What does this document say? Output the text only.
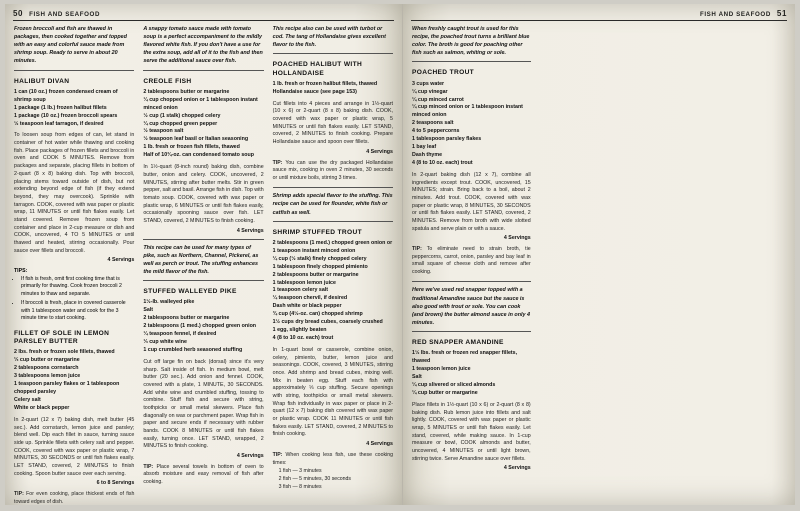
50 FISH AND SEAFOOD
Frozen broccoli and fish are thawed in packages, then cooked together and topped with an easy and colorful sauce made from shrimp soup. Ready to serve in about 20 minutes.
HALIBUT DIVAN
1 can (10 oz.) frozen condensed cream of shrimp soup
1 package (1 lb.) frozen halibut fillets
1 package (10 oz.) frozen broccoli spears
½ teaspoon leaf tarragon, if desired

To loosen soup from edges of can, let stand in container of hot water while thawing and cooking fish. Place packages of frozen fillets and broccoli in oven and COOK 5 MINUTES. Remove from packages and separate, placing fillets in bottom of 2-quart (8 x 8) baking dish. Top with broccoli, placing stems toward outside of dish, but not extending beyond edge of fish (if they extend beyond, they may overcook). Sprinkle with tarragon. COOK, covered with wax paper or plastic wrap, 11 MINUTES or until fish flakes easily. Let stand covered. Remove frozen soup from container and place in 2-cup measure or dish and COOK, uncovered, 4 TO 5 MINUTES or until thawed and heated, stirring occasionally. Pour sauce over fillets and broccoli.

4 Servings
TIPS:
• If fish is fresh, omit first cooking time that is primarily for thawing. Cook frozen broccoli 2 minutes to thaw and separate.
• If broccoli is fresh, place in covered casserole with 1 tablespoon water and cook for the 3 minute time to start cooking.
FILLET OF SOLE IN LEMON PARSLEY BUTTER
2 lbs. fresh or frozen sole fillets, thawed
⅓ cup butter or margarine
2 tablespoons cornstarch
3 tablespoons lemon juice
1 teaspoon parsley flakes or 1 tablespoon chopped parsley
Celery salt
White or black pepper

In 2-quart (12 x 7) baking dish, melt butter (45 sec.). Add cornstarch, lemon juice and parsley; blend well. Dip each fillet in sauce, turning sauce side up. Sprinkle fillets with celery salt and pepper. COOK, covered with wax paper or plastic wrap, 7 MINUTES, 30 SECONDS or until fish flakes easily. LET STAND, covered, 2 MINUTES to finish cooking. Spoon butter sauce over each serving.

6 to 8 Servings
TIP: For even cooking, place thickest ends of fish toward edges of dish.
A snappy tomato sauce made with tomato soup is a perfect accompaniment to the mildly flavored white fish. If you don't have a use for the extra soup, add all of it to the fish and then serve the additional sauce over fish.
CREOLE FISH
2 tablespoons butter or margarine
¼ cup chopped onion or 1 tablespoon instant minced onion
½ cup (1 stalk) chopped celery
¼ cup chopped green pepper
½ teaspoon salt
½ teaspoon leaf basil or Italian seasoning
1 lb. fresh or frozen fish fillets, thawed
Half of 10¾-oz. can condensed tomato soup

In 1½-quart (8-inch round) baking dish, combine butter, onion and celery. COOK, uncovered, 2 MINUTES, stirring after butter melts. Stir in green pepper, salt and basil. Arrange fish in dish. Top with tomato soup. COOK, covered with wax paper or plastic wrap, 6 MINUTES or until fish flakes easily, occasionally spooning sauce over fish. LET STAND, covered, 2 MINUTES to finish cooking.

4 Servings
This recipe can be used for many types of pike, such as Northern, Channel, Pickerel, as well as perch or trout. The stuffing enhances the mild flavor of the fish.
STUFFED WALLEYED PIKE
1½-lb. walleyed pike
Salt
2 tablespoons butter or margarine
2 tablespoons (1 med.) chopped green onion
¼ teaspoon fennel, if desired
⅓ cup white wine
1 cup crumbled herb seasoned stuffing

Cut off large fin on back (dorsal) since it's very sharp. Salt inside of fish. In medium bowl, melt butter (20 sec.). Add onion and fennel. COOK, covered with a plate, 1 MINUTE, 30 SECONDS. Add white wine and crumbled stuffing, tossing to combine. Stuff fish and secure with string, toothpicks or small metal skewers. Place fish diagonally on wax or parchment paper. Wrap fish in paper and secure ends if necessary with rubber bands. COOK 8 MINUTES or until fish flakes easily, turning once. LET STAND, wrapped, 2 MINUTES to finish cooking.

4 Servings
TIP: Place several towels in bottom of oven to absorb moisture and easy removal of fish after cooking.
This recipe also can be used with turbot or cod. The tang of Hollandaise gives excellent flavor to the fish.
POACHED HALIBUT WITH HOLLANDAISE
1 lb. fresh or frozen halibut fillets, thawed
Hollandaise sauce (see page 153)

Cut fillets into 4 pieces and arrange in 1½-quart (10 x 6) or 2-quart (8 x 8) baking dish. COOK, covered with wax paper or plastic wrap, 5 MINUTES or until fish flakes easily. LET STAND, covered, 2 MINUTES to finish cooking. Prepare Hollandaise sauce and spoon over fillets.

4 Servings
TIP: You can use the dry packaged Hollandaise sauce mix, cooking in oven 2 minutes, 30 seconds or until mixture boils, stirring 3 times.
Shrimp adds special flavor to the stuffing. This recipe can be used for flounder, white fish or catfish as well.
SHRIMP STUFFED TROUT
2 tablespoons (1 med.) chopped green onion or 1 teaspoon instant minced onion
¼ cup (½ stalk) finely chopped celery
1 tablespoon finely chopped pimiento
2 tablespoons butter or margarine
1 tablespoon lemon juice
1 teaspoon celery salt
¼ teaspoon chervil, if desired
Dash white or black pepper
¾ cup (4½-oz. can) chopped shrimp
1½ cups dry bread cubes, coarsely crushed
1 egg, slightly beaten
4 (8 to 10 oz. each) trout

In 1-quart bowl or casserole, combine onion, celery, pimiento, butter, lemon juice and seasonings. COOK, covered, 3 MINUTES, stirring once. Add shrimp and bread cubes, mixing well. Mix in beaten egg. Stuff each fish with approximately ⅓ cup stuffing. Secure openings with string, toothpicks or small metal skewers. Wrap fish individually in wax paper or place in 2-quart (12 x 7) baking dish covered with wax paper or plastic wrap. COOK 11 MINUTES or until fish flakes easily. LET STAND, covered, 2 MINUTES to finish cooking.

4 Servings
TIP: When cooking less fish, use these cooking times:
1 fish — 3 minutes
2 fish — 5 minutes, 30 seconds
3 fish — 8 minutes
FISH AND SEAFOOD 51
When freshly caught trout is used for this recipe, the poached trout turns a brilliant blue color. The broth is good for poaching other fish such as salmon, whiting or sole.
POACHED TROUT
3 cups water
¼ cup vinegar
¼ cup minced carrot
¼ cup minced onion or 1 tablespoon instant minced onion
2 teaspoons salt
4 to 5 peppercorns
1 tablespoon parsley flakes
1 bay leaf
Dash thyme
4 (8 to 10 oz. each) trout

In 2-quart baking dish (12 x 7), combine all ingredients except trout. COOK, uncovered, 15 MINUTES; strain. Bring back to a boil, about 2 minutes. Add trout. COOK, covered with wax paper or plastic wrap, 8 MINUTES, 30 SECONDS or until fish flakes easily. LET STAND, covered, 2 MINUTES. Remove from broth with wide slotted spatula and serve plain or with a sauce.

4 Servings
TIP: To eliminate need to strain broth, tie peppercorns, carrot, onion, parsley and bay leaf in small square of cheese cloth and remove after cooking.
Here we've used red snapper topped with a traditional Amandine sauce but the sauce is also good with trout or sole. You can cook (and brown) the butter almond sauce in only 4 minutes.
RED SNAPPER AMANDINE
1½ lbs. fresh or frozen red snapper fillets, thawed
1 teaspoon lemon juice
Salt
¼ cup slivered or sliced almonds
¼ cup butter or margarine

Place fillets in 1½-quart (10 x 6) or 2-quart (8 x 8) baking dish. Rub lemon juice into fillets and salt lightly. COOK, covered with wax paper or plastic wrap, 5 MINUTES or until fish flakes easily. Let stand, covered, while making sauce. In 1-cup measure or bowl, COOK almonds and butter, uncovered, 4 MINUTES or until light brown, stirring twice. Serve Amandine sauce over fillets.

4 Servings
